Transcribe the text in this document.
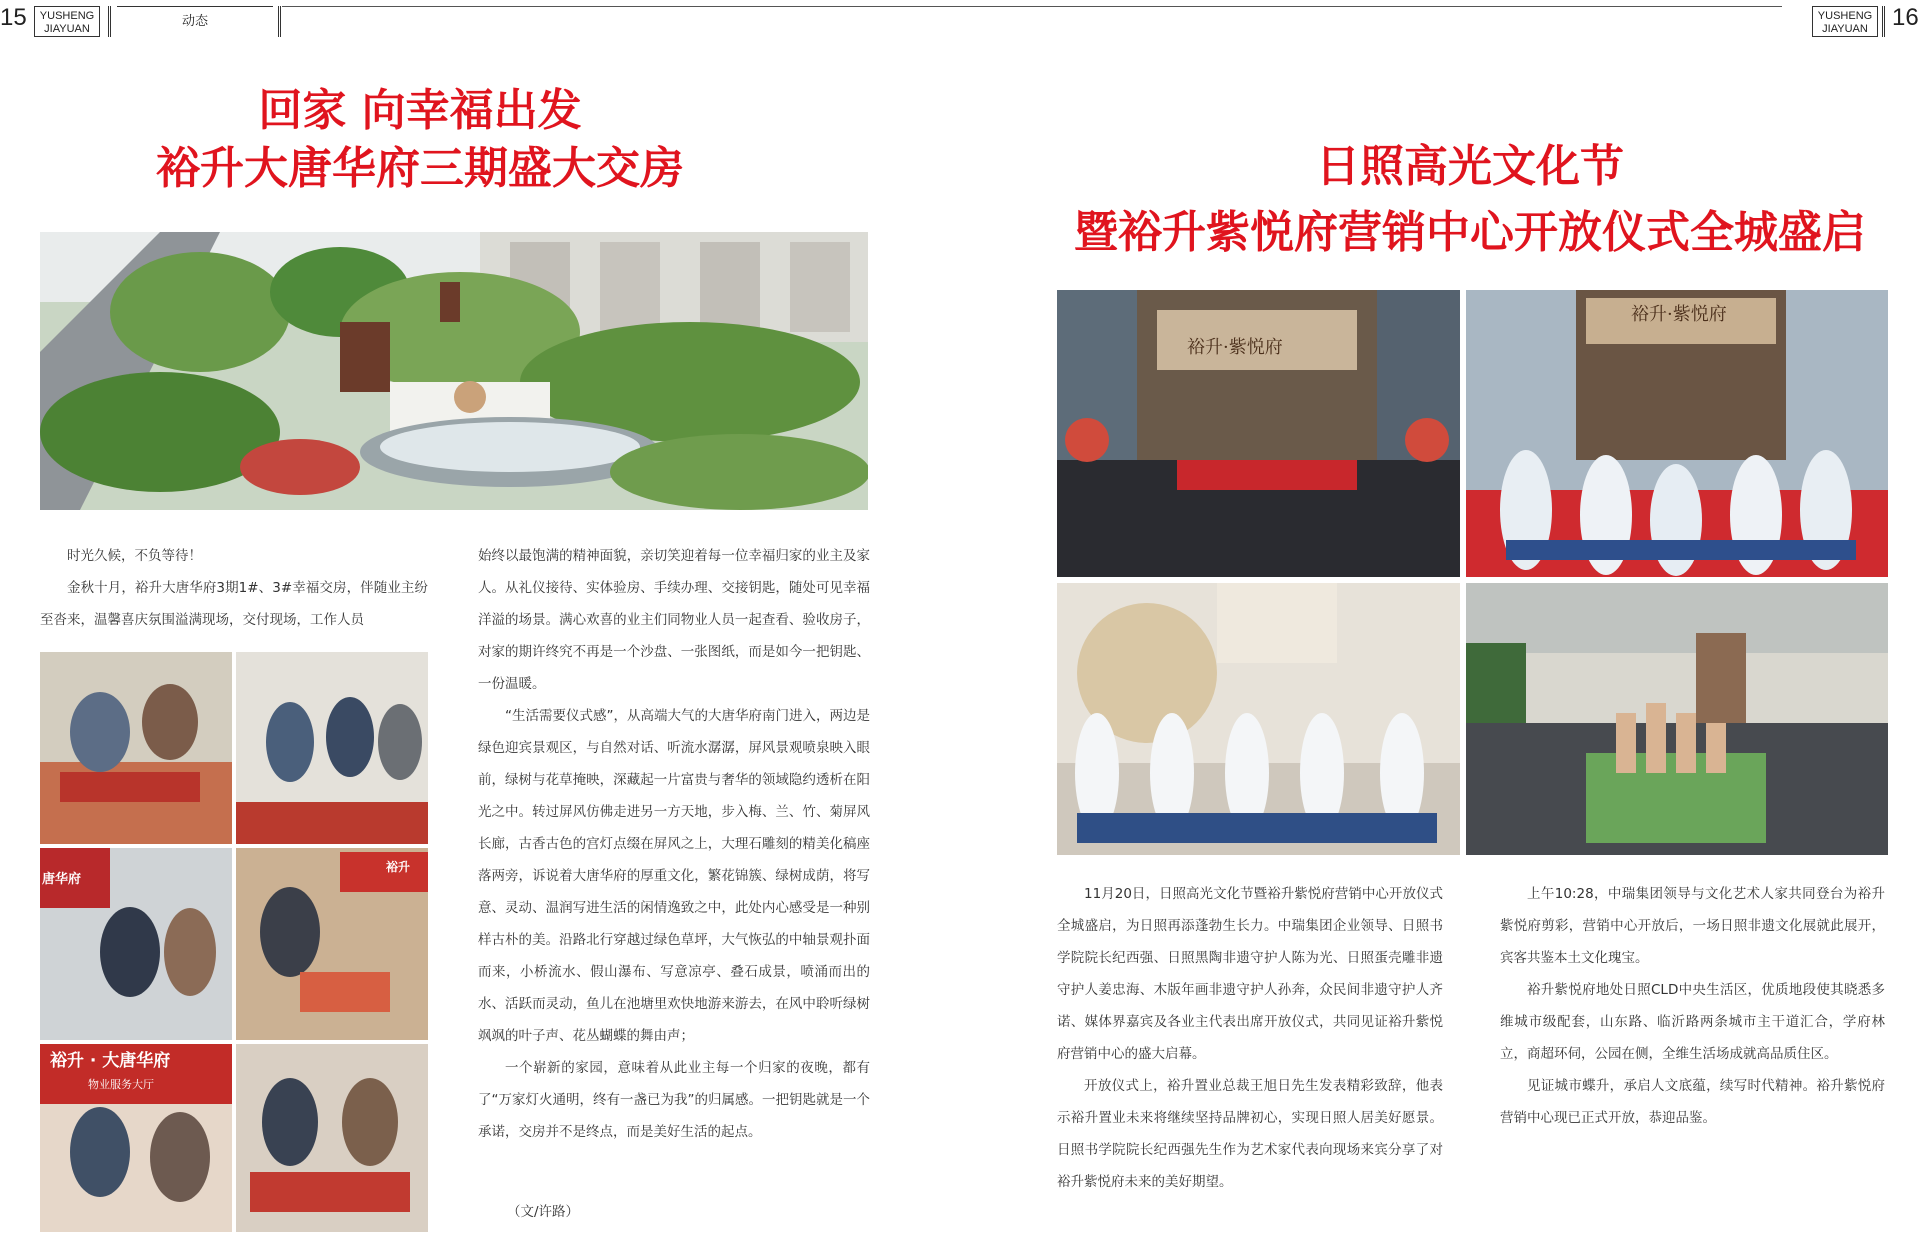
15	YUSHENG
JIAYUAN	动态	YUSHENG
JIAYUAN	16
回家 向幸福出发
裕升大唐华府三期盛大交房

时光久候，不负等待！

金秋十月，裕升大唐华府3期1#、3#幸福交房，伴随业主纷至沓来，温馨喜庆氛围溢满现场，交付现场，工作人员

裕升 · 大唐华府
物业服务大厅
唐华府
裕升

始终以最饱满的精神面貌，亲切笑迎着每一位幸福归家的业主及家人。从礼仪接待、实体验房、手续办理、交接钥匙，随处可见幸福洋溢的场景。满心欢喜的业主们同物业人员一起查看、验收房子，对家的期许终究不再是一个沙盘、一张图纸，而是如今一把钥匙、一份温暖。

“生活需要仪式感”，从高端大气的大唐华府南门进入，两边是绿色迎宾景观区，与自然对话、听流水潺潺，屏风景观喷泉映入眼前，绿树与花草掩映，深藏起一片富贵与奢华的领域隐约透析在阳光之中。转过屏风仿佛走进另一方天地，步入梅、兰、竹、菊屏风长廊，古香古色的宫灯点缀在屏风之上，大理石雕刻的精美化稿座落两旁，诉说着大唐华府的厚重文化，繁花锦簇、绿树成荫，将写意、灵动、温润写进生活的闲情逸致之中，此处内心感受是一种别样古朴的美。沿路北行穿越过绿色草坪，大气恢弘的中轴景观扑面而来，小桥流水、假山瀑布、写意凉亭、叠石成景，喷涌而出的水、活跃而灵动，鱼儿在池塘里欢快地游来游去，在风中聆听绿树飒飒的叶子声、花丛蝴蝶的舞由声；

一个崭新的家园，意味着从此业主每一个归家的夜晚，都有了“万家灯火通明，终有一盏已为我”的归属感。一把钥匙就是一个承诺，交房并不是终点，而是美好生活的起点。

（文/许路）
日照高光文化节
暨裕升紫悦府营销中心开放仪式全城盛启
裕升·紫悦府
裕升·紫悦府

11月20日，日照高光文化节暨裕升紫悦府营销中心开放仪式全城盛启，为日照再添蓬勃生长力。中瑞集团企业领导、日照书学院院长纪西强、日照黑陶非遗守护人陈为光、日照蛋壳雕非遗守护人姜忠海、木版年画非遗守护人孙奔，众民间非遗守护人齐诺、媒体界嘉宾及各业主代表出席开放仪式，共同见证裕升紫悦府营销中心的盛大启幕。

开放仪式上，裕升置业总裁王旭日先生发表精彩致辞，他表示裕升置业未来将继续坚持品牌初心，实现日照人居美好愿景。日照书学院院长纪西强先生作为艺术家代表向现场来宾分享了对裕升紫悦府未来的美好期望。

上午10:28，中瑞集团领导与文化艺术人家共同登台为裕升紫悦府剪彩，营销中心开放后，一场日照非遗文化展就此展开，宾客共鉴本土文化瑰宝。

裕升紫悦府地处日照CLD中央生活区，优质地段使其晓悉多维城市级配套，山东路、临沂路两条城市主干道汇合，学府林立，商超环伺，公园在侧，全维生活场成就高品质住区。

见证城市蝶升，承启人文底蕴，续写时代精神。裕升紫悦府营销中心现已正式开放，恭迎品鉴。
